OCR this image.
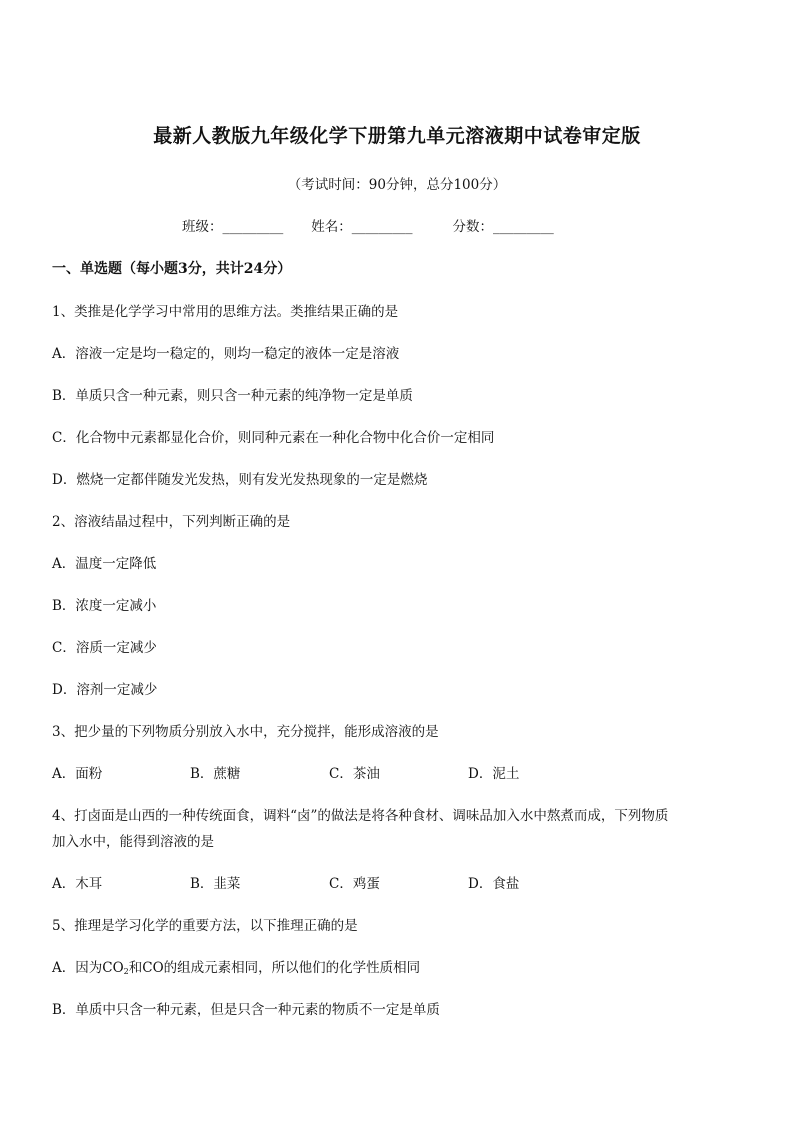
最新人教版九年级化学下册第九单元溶液期中试卷审定版
（考试时间：90分钟，总分100分）
班级：_________ 姓名：_________	分数：_________
一、单选题（每小题3分，共计24分）
1、类推是化学学习中常用的思维方法。类推结果正确的是
A．溶液一定是均一稳定的，则均一稳定的液体一定是溶液
B．单质只含一种元素，则只含一种元素的纯净物一定是单质
C．化合物中元素都显化合价，则同种元素在一种化合物中化合价一定相同
D．燃烧一定都伴随发光发热，则有发光发热现象的一定是燃烧
2、溶液结晶过程中，下列判断正确的是
A．温度一定降低
B．浓度一定减小
C．溶质一定减少
D．溶剂一定减少
3、把少量的下列物质分别放入水中，充分搅拌，能形成溶液的是
A．面粉	B．蔗糖	C．茶油	D．泥土
4、打卤面是山西的一种传统面食，调料“卤”的做法是将各种食材、调味品加入水中熬煮而成，下列物质
加入水中，能得到溶液的是
A．木耳	B．韭菜	C．鸡蛋	D．食盐
5、推理是学习化学的重要方法，以下推理正确的是
A．因为$CO_2$和CO的组成元素相同，所以他们的化学性质相同
B．单质中只含一种元素，但是只含一种元素的物质不一定是单质
